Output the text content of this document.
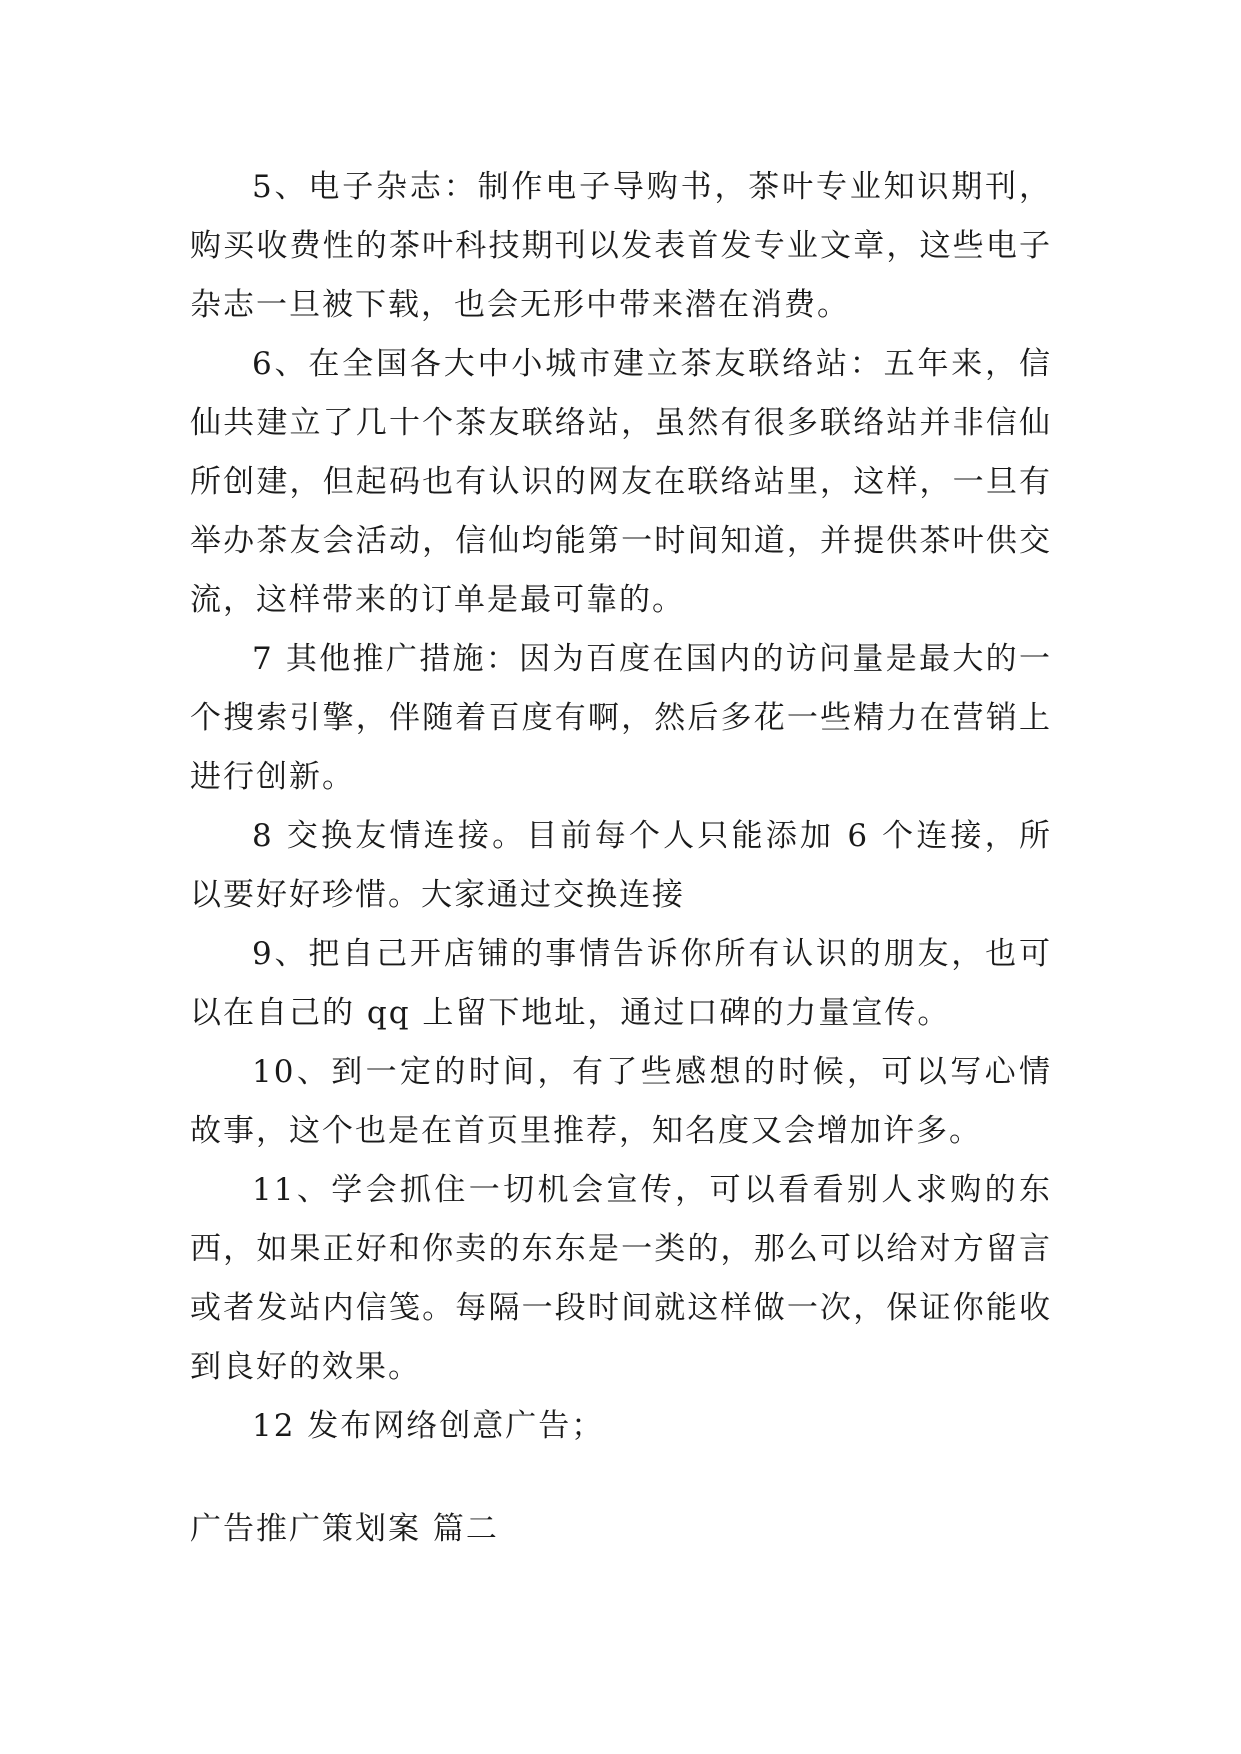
5、电子杂志：制作电子导购书，茶叶专业知识期刊，购买收费性的茶叶科技期刊以发表首发专业文章，这些电子杂志一旦被下载，也会无形中带来潜在消费。

6、在全国各大中小城市建立茶友联络站：五年来，信仙共建立了几十个茶友联络站，虽然有很多联络站并非信仙所创建，但起码也有认识的网友在联络站里，这样，一旦有举办茶友会活动，信仙均能第一时间知道，并提供茶叶供交流，这样带来的订单是最可靠的。

7 其他推广措施：因为百度在国内的访问量是最大的一个搜索引擎，伴随着百度有啊，然后多花一些精力在营销上进行创新。

8 交换友情连接。目前每个人只能添加 6 个连接，所以要好好珍惜。大家通过交换连接

9、把自己开店铺的事情告诉你所有认识的朋友，也可以在自己的 qq 上留下地址，通过口碑的力量宣传。

10、到一定的时间，有了些感想的时候，可以写心情故事，这个也是在首页里推荐，知名度又会增加许多。

11、学会抓住一切机会宣传，可以看看别人求购的东西，如果正好和你卖的东东是一类的，那么可以给对方留言或者发站内信笺。每隔一段时间就这样做一次，保证你能收到良好的效果。

12 发布网络创意广告；

广告推广策划案 篇二
